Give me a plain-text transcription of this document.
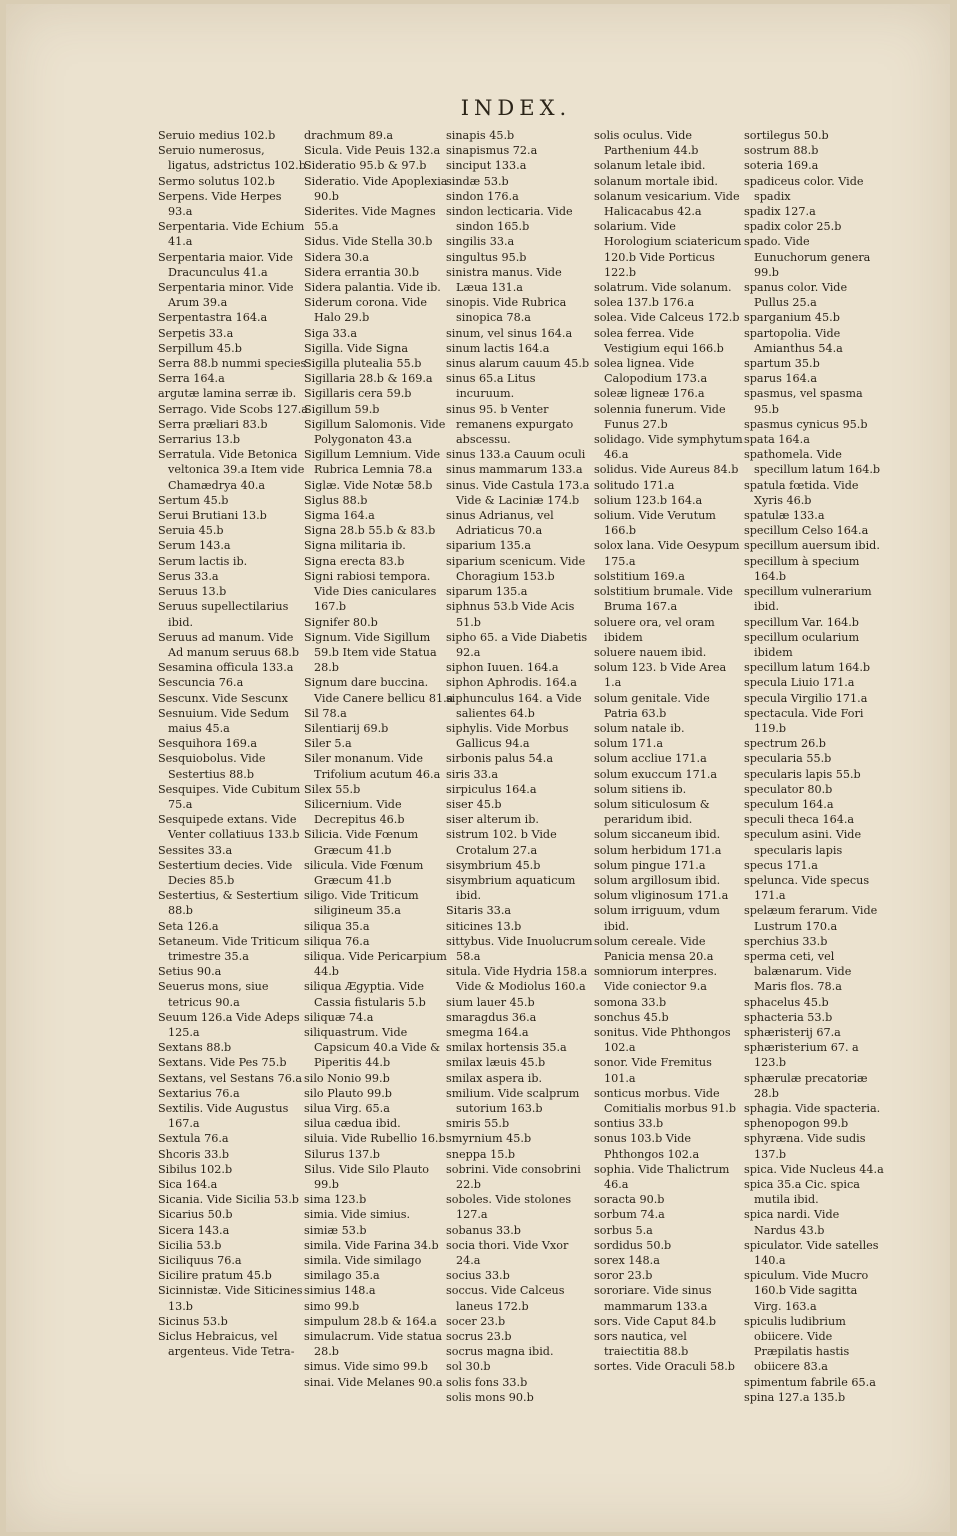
INDEX.

Seruio medius 102.b

Seruio numerosus, ligatus, adstrictus 102.b

Sermo solutus 102.b

Serpens. Vide Herpes 93.a

Serpentaria. Vide Echium 41.a

Serpentaria maior. Vide Dracunculus 41.a

Serpentaria minor. Vide Arum 39.a

Serpentastra 164.a

Serpetis 33.a

Serpillum 45.b

Serra 88.b nummi species

Serra 164.a

argutæ lamina serræ ib.

Serrago. Vide Scobs 127.a

Serra præliari 83.b

Serrarius 13.b

Serratula. Vide Betonica veltonica 39.a Item vide Chamædrya 40.a

Sertum 45.b

Serui Brutiani 13.b

Seruia 45.b

Serum 143.a

Serum lactis ib.

Serus 33.a

Seruus 13.b

Seruus supellectilarius ibid.

Seruus ad manum. Vide Ad manum seruus 68.b

Sesamina officula 133.a

Sescuncia 76.a

Sescunx. Vide Sescunx

Sesnuium. Vide Sedum maius 45.a

Sesquihora 169.a

Sesquiobolus. Vide Sestertius 88.b

Sesquipes. Vide Cubitum 75.a

Sesquipede extans. Vide Venter collatiuus 133.b

Sessites 33.a

Sestertium decies. Vide Decies 85.b

Sestertius, & Sestertium 88.b

Seta 126.a

Setaneum. Vide Triticum trimestre 35.a

Setius 90.a

Seuerus mons, siue tetricus 90.a

Seuum 126.a Vide Adeps 125.a

Sextans 88.b

Sextans. Vide Pes 75.b

Sextans, vel Sestans 76.a

Sextarius 76.a

Sextilis. Vide Augustus 167.a

Sextula 76.a

Shcoris 33.b

Sibilus 102.b

Sica 164.a

Sicania. Vide Sicilia 53.b

Sicarius 50.b

Sicera 143.a

Sicilia 53.b

Siciliquus 76.a

Sicilire pratum 45.b

Sicinnistæ. Vide Siticines 13.b

Sicinus 53.b

Siclus Hebraicus, vel argenteus. Vide Tetra-

drachmum 89.a

Sicula. Vide Peuis 132.a

Sideratio 95.b & 97.b

Sideratio. Vide Apoplexia 90.b

Siderites. Vide Magnes 55.a

Sidus. Vide Stella 30.b

Sidera 30.a

Sidera errantia 30.b

Sidera palantia. Vide ib.

Siderum corona. Vide Halo 29.b

Siga 33.a

Sigilla. Vide Signa

Sigilla plutealia 55.b

Sigillaria 28.b & 169.a

Sigillaris cera 59.b

Sigillum 59.b

Sigillum Salomonis. Vide Polygonaton 43.a

Sigillum Lemnium. Vide Rubrica Lemnia 78.a

Siglæ. Vide Notæ 58.b

Siglus 88.b

Sigma 164.a

Signa 28.b 55.b & 83.b

Signa militaria ib.

Signa erecta 83.b

Signi rabiosi tempora. Vide Dies caniculares 167.b

Signifer 80.b

Signum. Vide Sigillum 59.b Item vide Statua 28.b

Signum dare buccina. Vide Canere bellicu 81.a

Sil 78.a

Silentiarij 69.b

Siler 5.a

Siler monanum. Vide Trifolium acutum 46.a

Silex 55.b

Silicernium. Vide Decrepitus 46.b

Silicia. Vide Fœnum Græcum 41.b

silicula. Vide Fœnum Græcum 41.b

siligo. Vide Triticum siligineum 35.a

siliqua 35.a

siliqua 76.a

siliqua. Vide Pericarpium 44.b

siliqua Ægyptia. Vide Cassia fistularis 5.b

siliquæ 74.a

siliquastrum. Vide Capsicum 40.a Vide & Piperitis 44.b

silo Nonio 99.b

silo Plauto 99.b

silua Virg. 65.a

silua cædua ibid.

siluia. Vide Rubellio 16.b

Silurus 137.b

Silus. Vide Silo Plauto 99.b

sima 123.b

simia. Vide simius.

simiæ 53.b

simila. Vide Farina 34.b

simila. Vide similago

similago 35.a

simius 148.a

simo 99.b

simpulum 28.b & 164.a

simulacrum. Vide statua 28.b

simus. Vide simo 99.b

sinai. Vide Melanes 90.a

sinapis 45.b

sinapismus 72.a

sinciput 133.a

sindæ 53.b

sindon 176.a

sindon lecticaria. Vide sindon 165.b

singilis 33.a

singultus 95.b

sinistra manus. Vide Læua 131.a

sinopis. Vide Rubrica sinopica 78.a

sinum, vel sinus 164.a

sinum lactis 164.a

sinus alarum cauum 45.b

sinus 65.a Litus incuruum.

sinus 95. b Venter remanens expurgato abscessu.

sinus 133.a Cauum oculi

sinus mammarum 133.a

sinus. Vide Castula 173.a Vide & Laciniæ 174.b

sinus Adrianus, vel Adriaticus 70.a

siparium 135.a

siparium scenicum. Vide Choragium 153.b

siparum 135.a

siphnus 53.b Vide Acis 51.b

sipho 65. a Vide Diabetis 92.a

siphon Iuuen. 164.a

siphon Aphrodis. 164.a

siphunculus 164. a Vide salientes 64.b

siphylis. Vide Morbus Gallicus 94.a

sirbonis palus 54.a

siris 33.a

sirpiculus 164.a

siser 45.b

siser alterum ib.

sistrum 102. b Vide Crotalum 27.a

sisymbrium 45.b

sisymbrium aquaticum ibid.

Sitaris 33.a

siticines 13.b

sittybus. Vide Inuolucrum 58.a

situla. Vide Hydria 158.a Vide & Modiolus 160.a

sium lauer 45.b

smaragdus 36.a

smegma 164.a

smilax hortensis 35.a

smilax læuis 45.b

smilax aspera ib.

smilium. Vide scalprum sutorium 163.b

smiris 55.b

smyrnium 45.b

sneppa 15.b

sobrini. Vide consobrini 22.b

soboles. Vide stolones 127.a

sobanus 33.b

socia thori. Vide Vxor 24.a

socius 33.b

soccus. Vide Calceus laneus 172.b

socer 23.b

socrus 23.b

socrus magna ibid.

sol 30.b

solis fons 33.b

solis mons 90.b

solis oculus. Vide Parthenium 44.b

solanum letale ibid.

solanum mortale ibid.

solanum vesicarium. Vide Halicacabus 42.a

solarium. Vide Horologium sciatericum 120.b Vide Porticus 122.b

solatrum. Vide solanum.

solea 137.b 176.a

solea. Vide Calceus 172.b

solea ferrea. Vide Vestigium equi 166.b

solea lignea. Vide Calopodium 173.a

soleæ ligneæ 176.a

solennia funerum. Vide Funus 27.b

solidago. Vide symphytum 46.a

solidus. Vide Aureus 84.b

solitudo 171.a

solium 123.b 164.a

solium. Vide Verutum 166.b

solox lana. Vide Oesypum 175.a

solstitium 169.a

solstitium brumale. Vide Bruma 167.a

soluere ora, vel oram ibidem

soluere nauem ibid.

solum 123. b Vide Area 1.a

solum genitale. Vide Patria 63.b

solum natale ib.

solum 171.a

solum accliue 171.a

solum exuccum 171.a

solum sitiens ib.

solum siticulosum & peraridum ibid.

solum siccaneum ibid.

solum herbidum 171.a

solum pingue 171.a

solum argillosum ibid.

solum vliginosum 171.a

solum irriguum, vdum ibid.

solum cereale. Vide Panicia mensa 20.a

somniorum interpres. Vide coniector 9.a

somona 33.b

sonchus 45.b

sonitus. Vide Phthongos 102.a

sonor. Vide Fremitus 101.a

sonticus morbus. Vide Comitialis morbus 91.b

sontius 33.b

sonus 103.b Vide Phthongos 102.a

sophia. Vide Thalictrum 46.a

soracta 90.b

sorbum 74.a

sorbus 5.a

sordidus 50.b

sorex 148.a

soror 23.b

sororiare. Vide sinus mammarum 133.a

sors. Vide Caput 84.b

sors nautica, vel traiectitia 88.b

sortes. Vide Oraculi 58.b

sortilegus 50.b

sostrum 88.b

soteria 169.a

spadiceus color. Vide spadix

spadix 127.a

spadix color 25.b

spado. Vide Eunuchorum genera 99.b

spanus color. Vide Pullus 25.a

sparganium 45.b

spartopolia. Vide Amianthus 54.a

spartum 35.b

sparus 164.a

spasmus, vel spasma 95.b

spasmus cynicus 95.b

spata 164.a

spathomela. Vide specillum latum 164.b

spatula fœtida. Vide Xyris 46.b

spatulæ 133.a

specillum Celso 164.a

specillum auersum ibid.

specillum à specium 164.b

specillum vulnerarium ibid.

specillum Var. 164.b

specillum ocularium ibidem

specillum latum 164.b

specula Liuio 171.a

specula Virgilio 171.a

spectacula. Vide Fori 119.b

spectrum 26.b

specularia 55.b

specularis lapis 55.b

speculator 80.b

speculum 164.a

speculi theca 164.a

speculum asini. Vide specularis lapis

specus 171.a

spelunca. Vide specus 171.a

spelæum ferarum. Vide Lustrum 170.a

sperchius 33.b

sperma ceti, vel balænarum. Vide Maris flos. 78.a

sphacelus 45.b

sphacteria 53.b

sphæristerij 67.a

sphæristerium 67. a 123.b

sphærulæ precatoriæ 28.b

sphagia. Vide spacteria.

sphenopogon 99.b

sphyræna. Vide sudis 137.b

spica. Vide Nucleus 44.a

spica 35.a Cic. spica mutila ibid.

spica nardi. Vide Nardus 43.b

spiculator. Vide satelles 140.a

spiculum. Vide Mucro 160.b Vide sagitta Virg. 163.a

spiculis ludibrium obiicere. Vide Præpilatis hastis obiicere 83.a

spimentum fabrile 65.a

spina 127.a 135.b
